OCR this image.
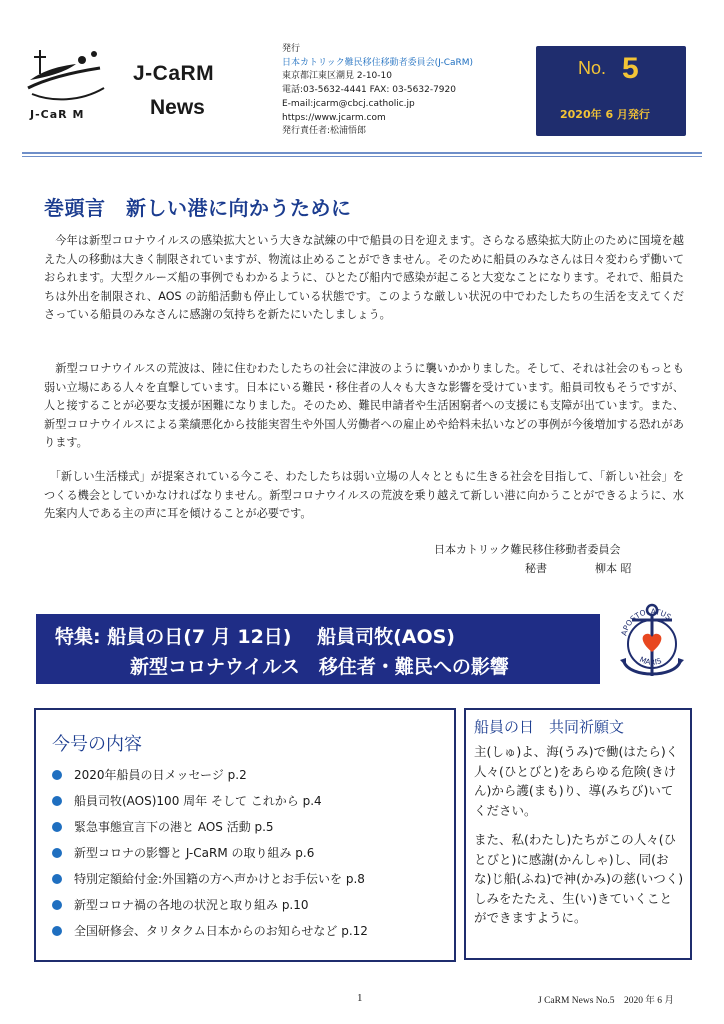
J-CaR M
J-CaRM
News
発行
日本カトリック難民移住移動者委員会(J-CaRM)
東京都江東区潮見 2-10-10
電話:03-5632-4441 FAX: 03-5632-7920
E-mail:jcarm@cbcj.catholic.jp
https://www.jcarm.com
発行責任者:松浦悟郎
No. 5
2020年 6 月発行
巻頭言　新しい港に向かうために
　今年は新型コロナウイルスの感染拡大という大きな試練の中で船員の日を迎えます。さらなる感染拡大防止のために国境を越えた人の移動は大きく制限されていますが、物流は止めることができません。そのために船員のみなさんは日々変わらず働いておられます。大型クルーズ船の事例でもわかるように、ひとたび船内で感染が起こると大変なことになります。それで、船員たちは外出を制限され、AOS の訪船活動も停止している状態です。このような厳しい状況の中でわたしたちの生活を支えてくださっている船員のみなさんに感謝の気持ちを新たにいたしましょう。
　新型コロナウイルスの荒波は、陸に住むわたしたちの社会に津波のように襲いかかりました。そして、それは社会のもっとも弱い立場にある人々を直撃しています。日本にいる難民・移住者の人々も大きな影響を受けています。船員司牧もそうですが、人と接することが必要な支援が困難になりました。そのため、難民申請者や生活困窮者への支援にも支障が出ています。また、新型コロナウイルスによる業績悪化から技能実習生や外国人労働者への雇止めや給料未払いなどの事例が今後増加する恐れがあります。
　「新しい生活様式」が提案されている今こそ、わたしたちは弱い立場の人々とともに生きる社会を目指して、「新しい社会」をつくる機会としていかなければなりません。新型コロナウイルスの荒波を乗り越えて新しい港に向かうことができるように、水先案内人である主の声に耳を傾けることが必要です。
日本カトリック難民移住移動者委員会
秘書	柳本 昭
特集: 船員の日(7 月 12日)　 船員司牧(AOS)
新型コロナウイルス　移住者・難民への影響
APOSTOLATUS
MARIS
今号の内容
2020年船員の日メッセージ p.2
船員司牧(AOS)100 周年 そして これから p.4
緊急事態宣言下の港と AOS 活動 p.5
新型コロナの影響と J-CaRM の取り組み p.6
特別定額給付金:外国籍の方へ声かけとお手伝いを p.8
新型コロナ禍の各地の状況と取り組み p.10
全国研修会、タリタクム日本からのお知らせなど p.12
船員の日　共同祈願文
主(しゅ)よ、海(うみ)で働(はたら)く人々(ひとびと)をあらゆる危険(きけん)から護(まも)り、導(みちび)いてください。
また、私(わたし)たちがこの人々(ひとびと)に感謝(かんしゃ)し、同(おな)じ船(ふね)で神(かみ)の慈(いつく)しみをたたえ、生(い)きていくことができますように。
1	J CaRM News No.5　2020 年 6 月
